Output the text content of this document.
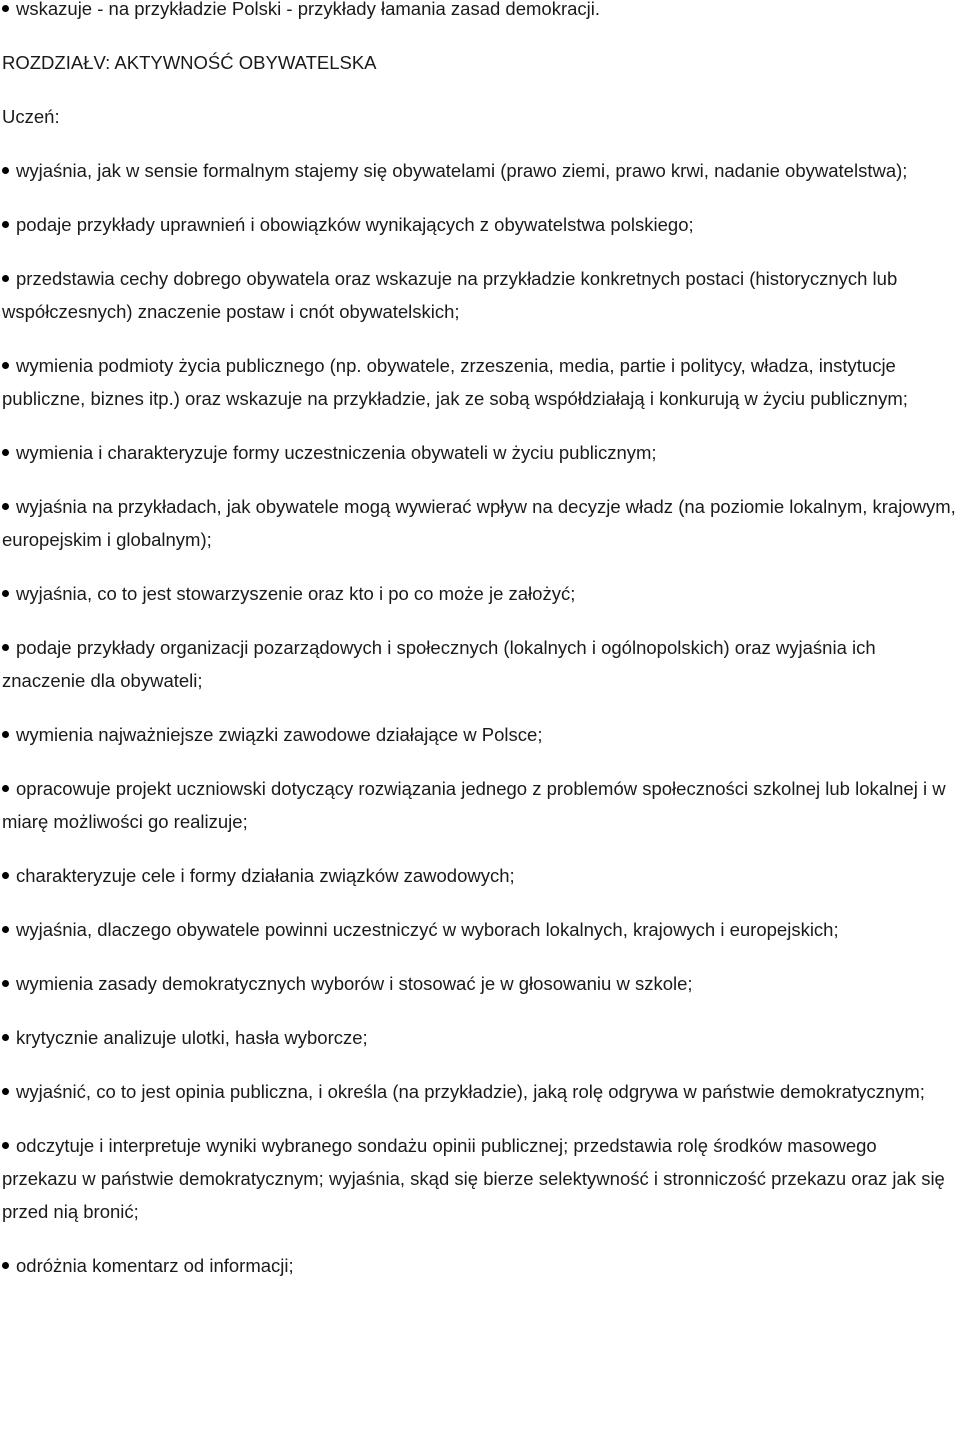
wskazuje - na przykładzie Polski - przykłady łamania zasad demokracji.

ROZDZIAŁV: AKTYWNOŚĆ OBYWATELSKA

Uczeń:

wyjaśnia, jak w sensie formalnym stajemy się obywatelami (prawo ziemi, prawo krwi, nadanie obywatelstwa);

podaje przykłady uprawnień i obowiązków wynikających z obywatelstwa polskiego;

przedstawia cechy dobrego obywatela oraz wskazuje na przykładzie konkretnych postaci (historycznych lub współczesnych) znaczenie postaw i cnót obywatelskich;

wymienia podmioty życia publicznego (np. obywatele, zrzeszenia, media, partie i politycy, władza, instytucje publiczne, biznes itp.) oraz wskazuje na przykładzie, jak ze sobą współdziałają i konkurują w życiu publicznym;

wymienia i charakteryzuje formy uczestniczenia obywateli w życiu publicznym;

wyjaśnia na przykładach, jak obywatele mogą wywierać wpływ na decyzje władz (na poziomie lokalnym, krajowym, europejskim i globalnym);

wyjaśnia, co to jest stowarzyszenie oraz kto i po co może je założyć;

podaje przykłady organizacji pozarządowych i społecznych (lokalnych i ogólnopolskich) oraz wyjaśnia ich znaczenie dla obywateli;

wymienia najważniejsze związki zawodowe działające w Polsce;

opracowuje projekt uczniowski dotyczący rozwiązania jednego z problemów społeczności szkolnej lub lokalnej i w miarę możliwości go realizuje;

charakteryzuje cele i formy działania związków zawodowych;

wyjaśnia, dlaczego obywatele powinni uczestniczyć w wyborach lokalnych, krajowych i europejskich;

wymienia zasady demokratycznych wyborów i stosować je w głosowaniu w szkole;

krytycznie analizuje ulotki, hasła wyborcze;

wyjaśnić, co to jest opinia publiczna, i określa (na przykładzie), jaką rolę odgrywa w państwie demokratycznym;

odczytuje i interpretuje wyniki wybranego sondażu opinii publicznej; przedstawia rolę środków masowego przekazu w państwie demokratycznym; wyjaśnia, skąd się bierze selektywność i stronniczość przekazu oraz jak się przed nią bronić;

odróżnia komentarz od informacji;
